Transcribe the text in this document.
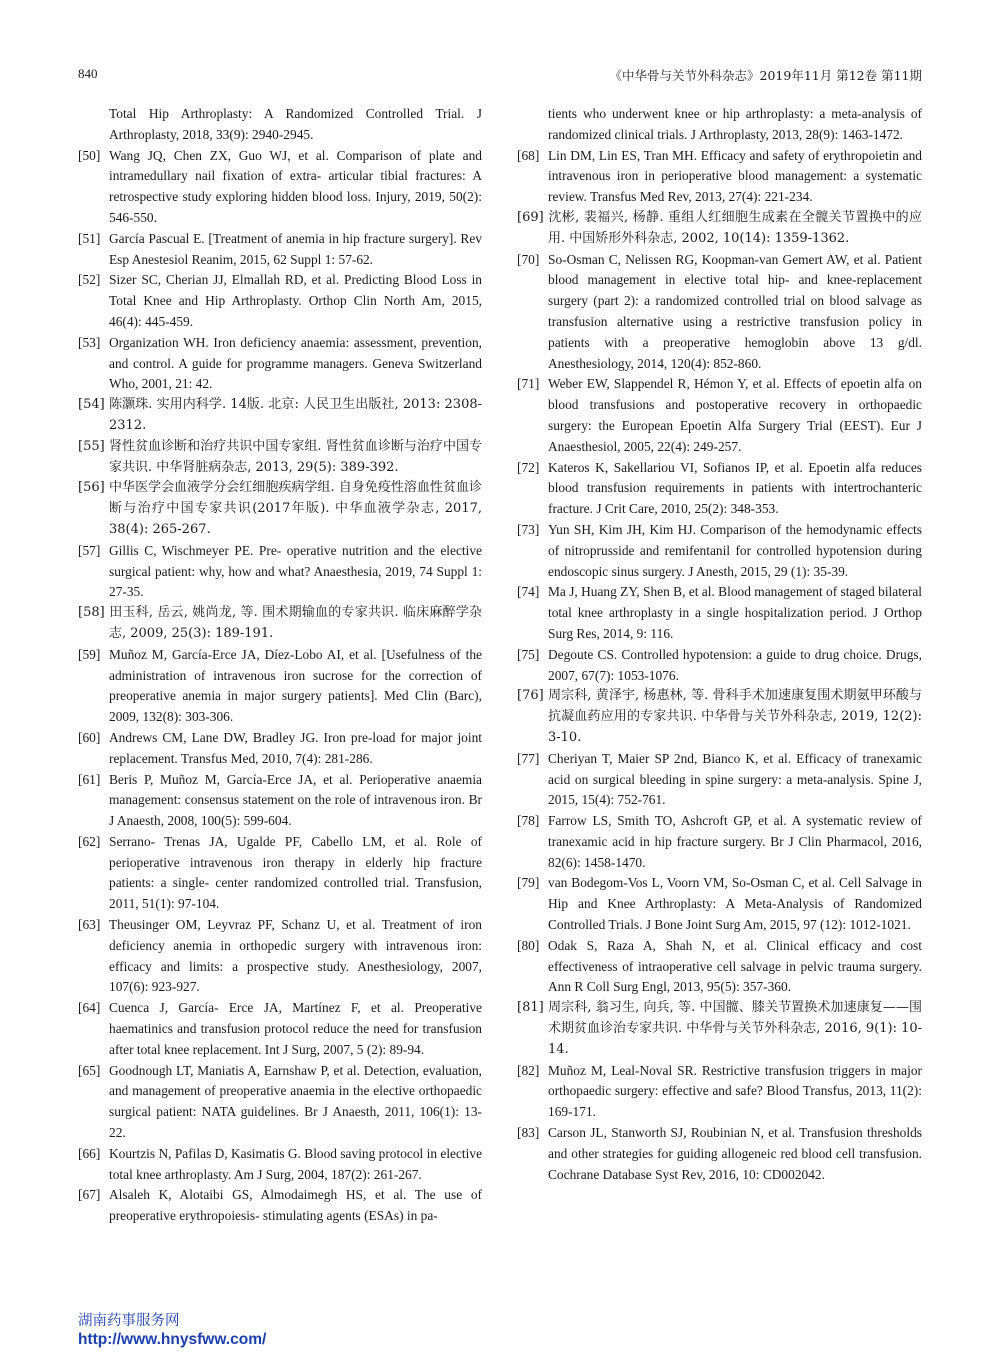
840	《中华骨与关节外科杂志》2019年11月 第12卷 第11期
Total Hip Arthroplasty: A Randomized Controlled Trial. J Arthroplasty, 2018, 33(9): 2940-2945.
[50] Wang JQ, Chen ZX, Guo WJ, et al. Comparison of plate and intramedullary nail fixation of extra- articular tibial fractures: A retrospective study exploring hidden blood loss. Injury, 2019, 50(2): 546-550.
[51] García Pascual E. [Treatment of anemia in hip fracture surgery]. Rev Esp Anestesiol Reanim, 2015, 62 Suppl 1: 57-62.
[52] Sizer SC, Cherian JJ, Elmallah RD, et al. Predicting Blood Loss in Total Knee and Hip Arthroplasty. Orthop Clin North Am, 2015, 46(4): 445-459.
[53] Organization WH. Iron deficiency anaemia: assessment, prevention, and control. A guide for programme managers. Geneva Switzerland Who, 2001, 21: 42.
[54] 陈灏珠. 实用内科学. 14版. 北京: 人民卫生出版社, 2013: 2308-2312.
[55] 肾性贫血诊断和治疗共识中国专家组. 肾性贫血诊断与治疗中国专家共识. 中华肾脏病杂志, 2013, 29(5): 389-392.
[56] 中华医学会血液学分会红细胞疾病学组. 自身免疫性溶血性贫血诊断与治疗中国专家共识(2017年版). 中华血液学杂志, 2017, 38(4): 265-267.
[57] Gillis C, Wischmeyer PE. Pre- operative nutrition and the elective surgical patient: why, how and what? Anaesthesia, 2019, 74 Suppl 1: 27-35.
[58] 田玉科, 岳云, 姚尚龙, 等. 围术期输血的专家共识. 临床麻醉学杂志, 2009, 25(3): 189-191.
[59] Muñoz M, García-Erce JA, Díez-Lobo AI, et al. [Usefulness of the administration of intravenous iron sucrose for the correction of preoperative anemia in major surgery patients]. Med Clin (Barc), 2009, 132(8): 303-306.
[60] Andrews CM, Lane DW, Bradley JG. Iron pre-load for major joint replacement. Transfus Med, 2010, 7(4): 281-286.
[61] Beris P, Muñoz M, García-Erce JA, et al. Perioperative anaemia management: consensus statement on the role of intravenous iron. Br J Anaesth, 2008, 100(5): 599-604.
[62] Serrano- Trenas JA, Ugalde PF, Cabello LM, et al. Role of perioperative intravenous iron therapy in elderly hip fracture patients: a single- center randomized controlled trial. Transfusion, 2011, 51(1): 97-104.
[63] Theusinger OM, Leyvraz PF, Schanz U, et al. Treatment of iron deficiency anemia in orthopedic surgery with intravenous iron: efficacy and limits: a prospective study. Anesthesiology, 2007, 107(6): 923-927.
[64] Cuenca J, García- Erce JA, Martínez F, et al. Preoperative haematinics and transfusion protocol reduce the need for transfusion after total knee replacement. Int J Surg, 2007, 5 (2): 89-94.
[65] Goodnough LT, Maniatis A, Earnshaw P, et al. Detection, evaluation, and management of preoperative anaemia in the elective orthopaedic surgical patient: NATA guidelines. Br J Anaesth, 2011, 106(1): 13-22.
[66] Kourtzis N, Pafilas D, Kasimatis G. Blood saving protocol in elective total knee arthroplasty. Am J Surg, 2004, 187(2): 261-267.
[67] Alsaleh K, Alotaibi GS, Almodaimegh HS, et al. The use of preoperative erythropoiesis- stimulating agents (ESAs) in pa-
tients who underwent knee or hip arthroplasty: a meta-analysis of randomized clinical trials. J Arthroplasty, 2013, 28(9): 1463-1472.
[68] Lin DM, Lin ES, Tran MH. Efficacy and safety of erythropoietin and intravenous iron in perioperative blood management: a systematic review. Transfus Med Rev, 2013, 27(4): 221-234.
[69] 沈彬, 裴福兴, 杨静. 重组人红细胞生成素在全髋关节置换中的应用. 中国矫形外科杂志, 2002, 10(14): 1359-1362.
[70] So-Osman C, Nelissen RG, Koopman-van Gemert AW, et al. Patient blood management in elective total hip- and knee-replacement surgery (part 2): a randomized controlled trial on blood salvage as transfusion alternative using a restrictive transfusion policy in patients with a preoperative hemoglobin above 13 g/dl. Anesthesiology, 2014, 120(4): 852-860.
[71] Weber EW, Slappendel R, Hémon Y, et al. Effects of epoetin alfa on blood transfusions and postoperative recovery in orthopaedic surgery: the European Epoetin Alfa Surgery Trial (EEST). Eur J Anaesthesiol, 2005, 22(4): 249-257.
[72] Kateros K, Sakellariou VI, Sofianos IP, et al. Epoetin alfa reduces blood transfusion requirements in patients with intertrochanteric fracture. J Crit Care, 2010, 25(2): 348-353.
[73] Yun SH, Kim JH, Kim HJ. Comparison of the hemodynamic effects of nitroprusside and remifentanil for controlled hypotension during endoscopic sinus surgery. J Anesth, 2015, 29 (1): 35-39.
[74] Ma J, Huang ZY, Shen B, et al. Blood management of staged bilateral total knee arthroplasty in a single hospitalization period. J Orthop Surg Res, 2014, 9: 116.
[75] Degoute CS. Controlled hypotension: a guide to drug choice. Drugs, 2007, 67(7): 1053-1076.
[76] 周宗科, 黄泽宇, 杨惠林, 等. 骨科手术加速康复围术期氨甲环酸与抗凝血药应用的专家共识. 中华骨与关节外科杂志, 2019, 12(2): 3-10.
[77] Cheriyan T, Maier SP 2nd, Bianco K, et al. Efficacy of tranexamic acid on surgical bleeding in spine surgery: a meta-analysis. Spine J, 2015, 15(4): 752-761.
[78] Farrow LS, Smith TO, Ashcroft GP, et al. A systematic review of tranexamic acid in hip fracture surgery. Br J Clin Pharmacol, 2016, 82(6): 1458-1470.
[79] van Bodegom-Vos L, Voorn VM, So-Osman C, et al. Cell Salvage in Hip and Knee Arthroplasty: A Meta-Analysis of Randomized Controlled Trials. J Bone Joint Surg Am, 2015, 97 (12): 1012-1021.
[80] Odak S, Raza A, Shah N, et al. Clinical efficacy and cost effectiveness of intraoperative cell salvage in pelvic trauma surgery. Ann R Coll Surg Engl, 2013, 95(5): 357-360.
[81] 周宗科, 翁习生, 向兵, 等. 中国髋、膝关节置换术加速康复——围术期贫血诊治专家共识. 中华骨与关节外科杂志, 2016, 9(1): 10-14.
[82] Muñoz M, Leal-Noval SR. Restrictive transfusion triggers in major orthopaedic surgery: effective and safe? Blood Transfus, 2013, 11(2): 169-171.
[83] Carson JL, Stanworth SJ, Roubinian N, et al. Transfusion thresholds and other strategies for guiding allogeneic red blood cell transfusion. Cochrane Database Syst Rev, 2016, 10: CD002042.
湖南药事服务网
http://www.hnysfww.com/
